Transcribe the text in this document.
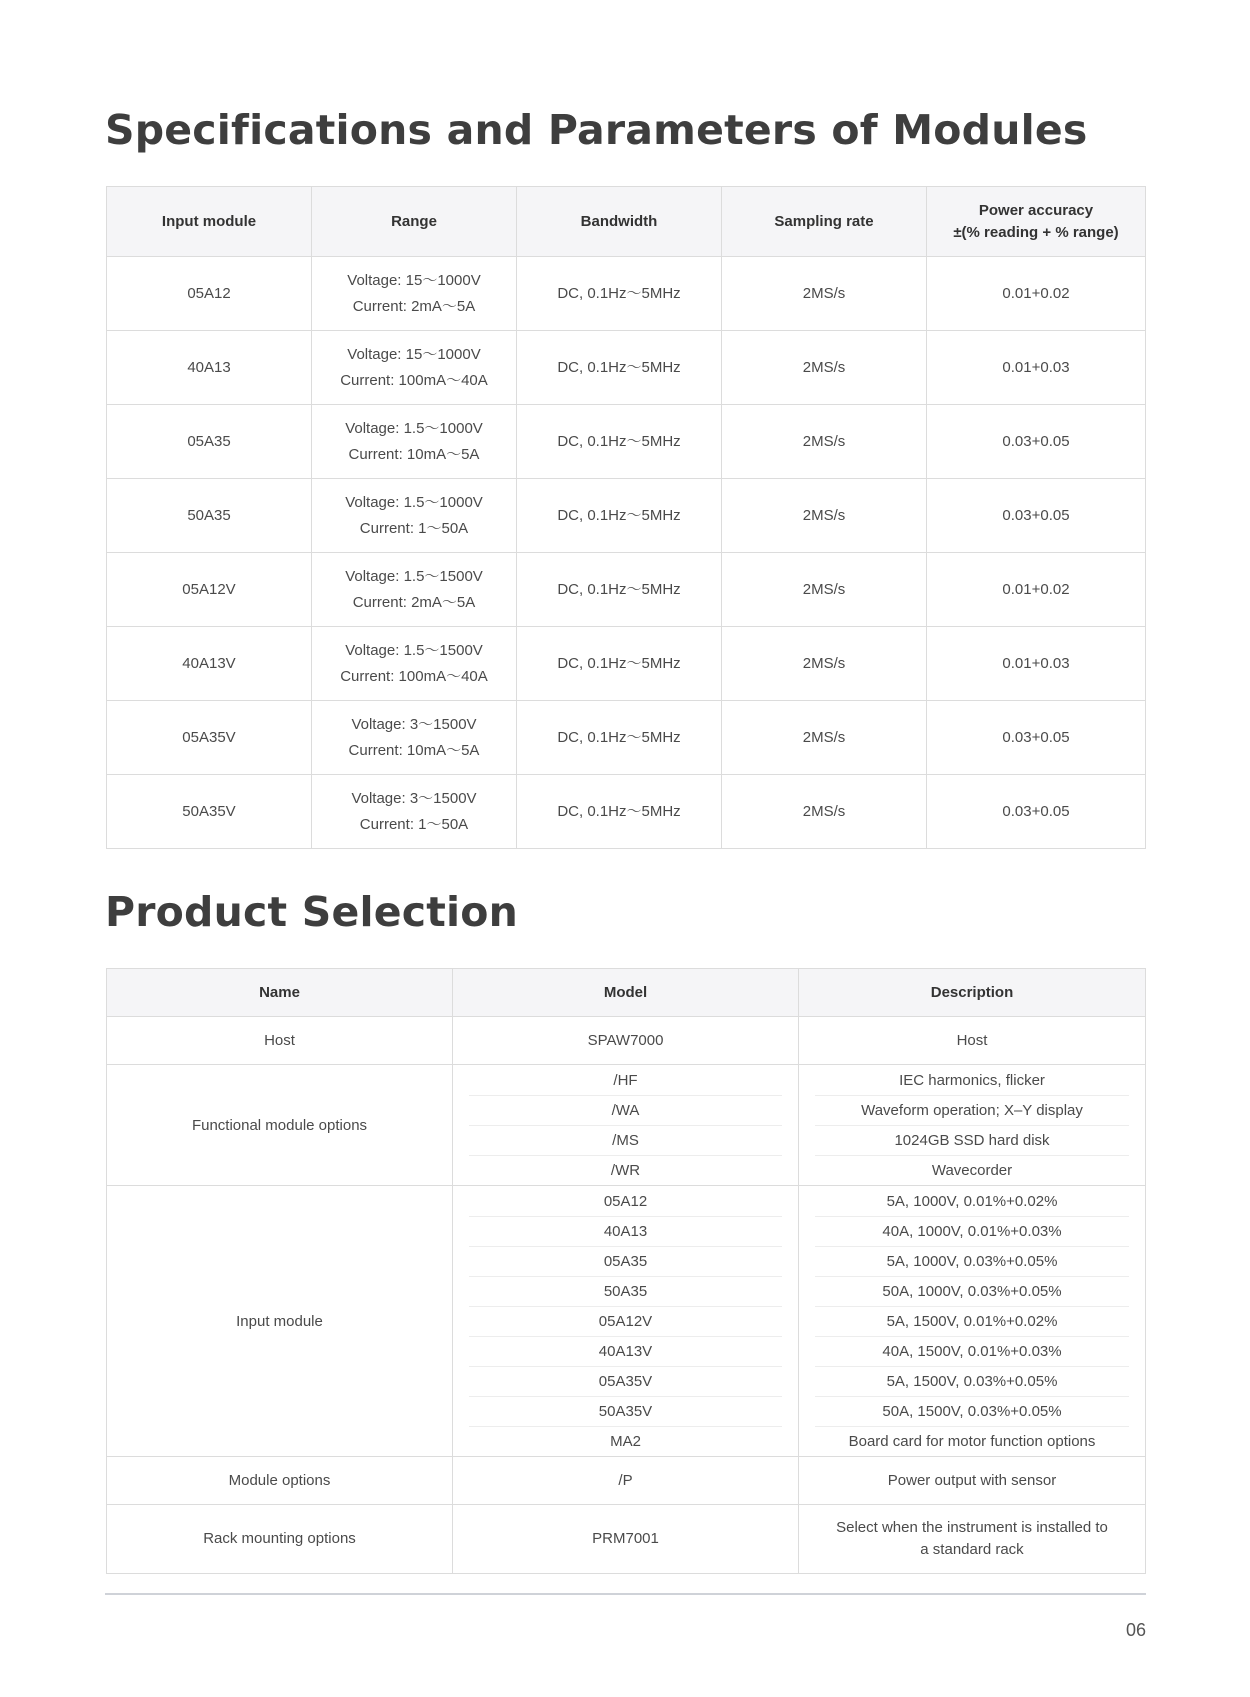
Specifications and Parameters of Modules
Input module	Range	Bandwidth	Sampling rate	Power accuracy
±(% reading + % range)

05A12	Voltage: 15～1000V
Current: 2mA～5A	DC, 0.1Hz～5MHz	2MS/s	0.01+0.02
40A13	Voltage: 15～1000V
Current: 100mA～40A	DC, 0.1Hz～5MHz	2MS/s	0.01+0.03
05A35	Voltage: 1.5～1000V
Current: 10mA～5A	DC, 0.1Hz～5MHz	2MS/s	0.03+0.05
50A35	Voltage: 1.5～1000V
Current: 1～50A	DC, 0.1Hz～5MHz	2MS/s	0.03+0.05
05A12V	Voltage: 1.5～1500V
Current: 2mA～5A	DC, 0.1Hz～5MHz	2MS/s	0.01+0.02
40A13V	Voltage: 1.5～1500V
Current: 100mA～40A	DC, 0.1Hz～5MHz	2MS/s	0.01+0.03
05A35V	Voltage: 3～1500V
Current: 10mA～5A	DC, 0.1Hz～5MHz	2MS/s	0.03+0.05
50A35V	Voltage: 3～1500V
Current: 1～50A	DC, 0.1Hz～5MHz	2MS/s	0.03+0.05
Product Selection
Name	Model	Description
Host	SPAW7000	Host
Functional module options	/HF	IEC harmonics, flicker
	/WA	Waveform operation; X–Y display
	/MS	1024GB SSD hard disk
	/WR	Wavecorder
Input module	05A12	5A, 1000V, 0.01%+0.02%
	40A13	40A, 1000V, 0.01%+0.03%
	05A35	5A, 1000V, 0.03%+0.05%
	50A35	50A, 1000V, 0.03%+0.05%
	05A12V	5A, 1500V, 0.01%+0.02%
	40A13V	40A, 1500V, 0.01%+0.03%
	05A35V	5A, 1500V, 0.03%+0.05%
	50A35V	50A, 1500V, 0.03%+0.05%
	MA2	Board card for motor function options
Module options	/P	Power output with sensor
Rack mounting options	PRM7001	Select when the instrument is installed to
a standard rack
06
